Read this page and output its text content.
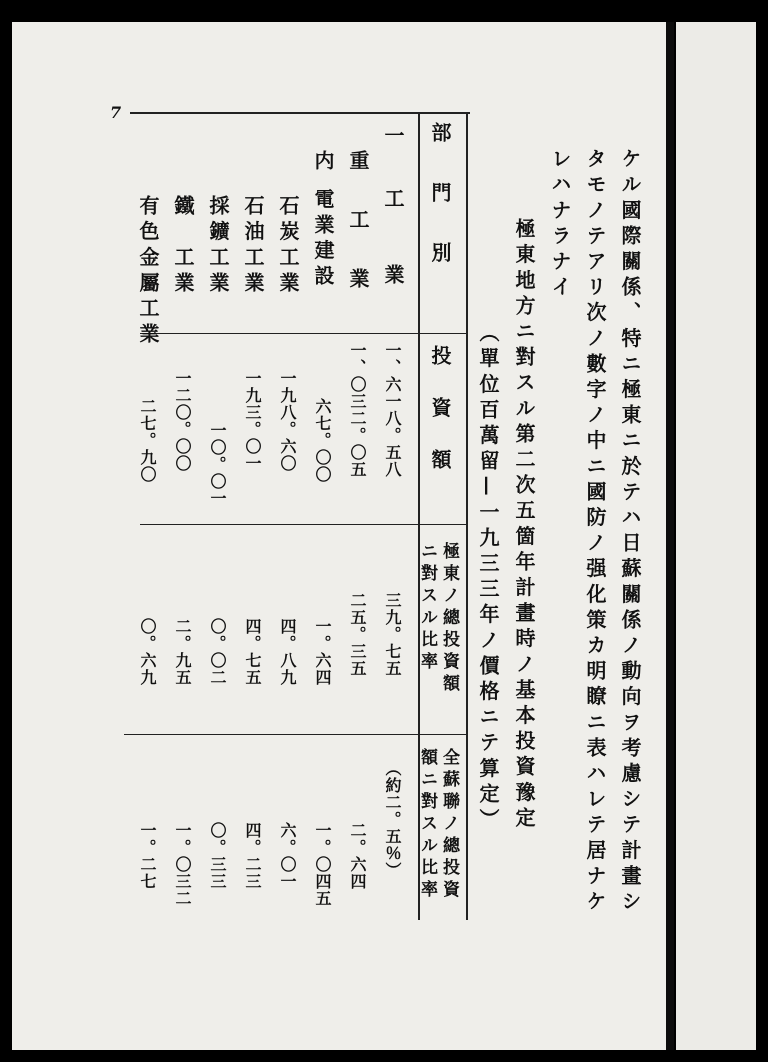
ケル國際關係、特ニ極東ニ於テハ日蘇關係ノ動向ヲ考慮シテ計畫シ
タモノテアリ次ノ數字ノ中ニ國防ノ强化策カ明瞭ニ表ハレテ居ナケ
レハナラナイ
極東地方ニ對スル第二次五箇年計畫時ノ基本投資豫定
（單位百萬留—一九三三年ノ價格ニテ算定）
7
部門別
投資額
極東ノ總投資額
ニ對スル比率
全蘇聯ノ總投資
額ニ對スル比率
一 工　業
重 工 業
内 電業建設
石炭工業
石油工業
採鑛工業
鐵　工業
有色金屬工業
一、六一八。五八
一、〇三二。〇五
六七。〇〇
一九八。六〇
一九三。〇一
一〇。〇一
一二〇。〇〇
二七。九〇
三九。七五
二五。三五
一。六四
四。八九
四。七五
〇。〇二
二。九五
〇。六九
（約二。五％）
二。六四
一。〇四五
六。〇一
四。二三
〇。三三
一。〇三二
一。二七
